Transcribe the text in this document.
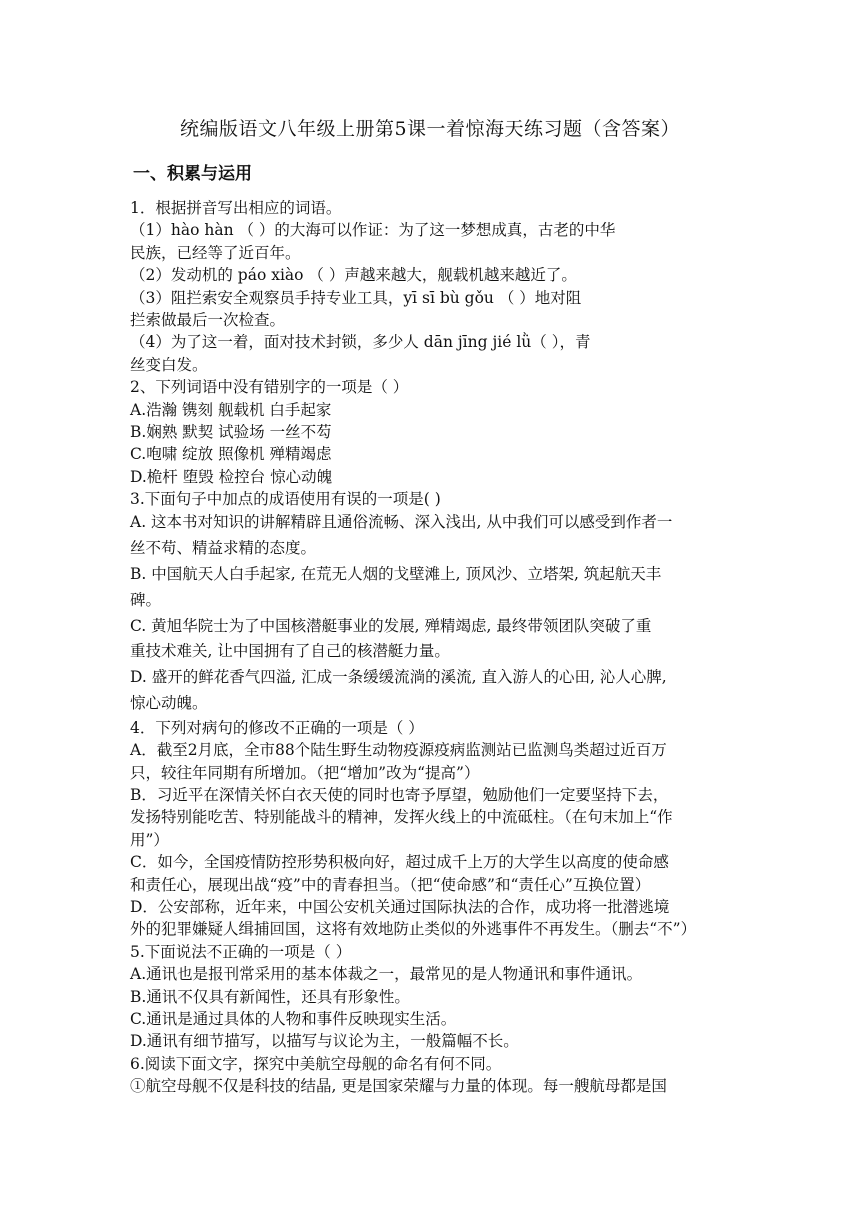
统编版语文八年级上册第5课一着惊海天练习题（含答案）
一、积累与运用
1．根据拼音写出相应的词语。
（1）hào hàn （ ）的大海可以作证：为了这一梦想成真，古老的中华
民族，已经等了近百年。
（2）发动机的 páo xiào （ ）声越来越大，舰载机越来越近了。
（3）阻拦索安全观察员手持专业工具，yī sī bù gǒu （ ）地对阻
拦索做最后一次检查。
（4）为了这一着，面对技术封锁，多少人 dān jīng jié lǜ（ ），青
丝变白发。
2、下列词语中没有错别字的一项是（ ）
A.浩瀚 镌刻 舰载机 白手起家
B.娴熟 默契 试验场 一丝不芶
C.咆啸 绽放 照像机 殚精竭虑
D.桅杆 堕毁 检控台 惊心动魄
3.下面句子中加点的成语使用有误的一项是( )
A. 这本书对知识的讲解精辟且通俗流畅、深入浅出, 从中我们可以感受到作者一
丝不苟、精益求精的态度。
B. 中国航天人白手起家, 在荒无人烟的戈壁滩上, 顶风沙、立塔架, 筑起航天丰
碑。
C. 黄旭华院士为了中国核潜艇事业的发展, 殚精竭虑, 最终带领团队突破了重
重技术难关, 让中国拥有了自己的核潜艇力量。
D. 盛开的鲜花香气四溢, 汇成一条缓缓流淌的溪流, 直入游人的心田, 沁人心脾,
惊心动魄。
4．下列对病句的修改不正确的一项是（ ）
A．截至2月底，全市88个陆生野生动物疫源疫病监测站已监测鸟类超过近百万
只，较往年同期有所增加。（把“增加”改为“提高”）
B．习近平在深情关怀白衣天使的同时也寄予厚望，勉励他们一定要坚持下去，
发扬特别能吃苦、特别能战斗的精神，发挥火线上的中流砥柱。（在句末加上“作
用”）
C．如今，全国疫情防控形势积极向好，超过成千上万的大学生以高度的使命感
和责任心，展现出战“疫”中的青春担当。（把“使命感”和“责任心”互换位置）
D．公安部称，近年来，中国公安机关通过国际执法的合作，成功将一批潜逃境
外的犯罪嫌疑人缉捕回国，这将有效地防止类似的外逃事件不再发生。（删去“不”）
5.下面说法不正确的一项是（ ）
A.通讯也是报刊常采用的基本体裁之一，最常见的是人物通讯和事件通讯。
B.通讯不仅具有新闻性，还具有形象性。
C.通讯是通过具体的人物和事件反映现实生活。
D.通讯有细节描写，以描写与议论为主，一般篇幅不长。
6.阅读下面文字，探究中美航空母舰的命名有何不同。
①航空母舰不仅是科技的结晶, 更是国家荣耀与力量的体现。每一艘航母都是国
